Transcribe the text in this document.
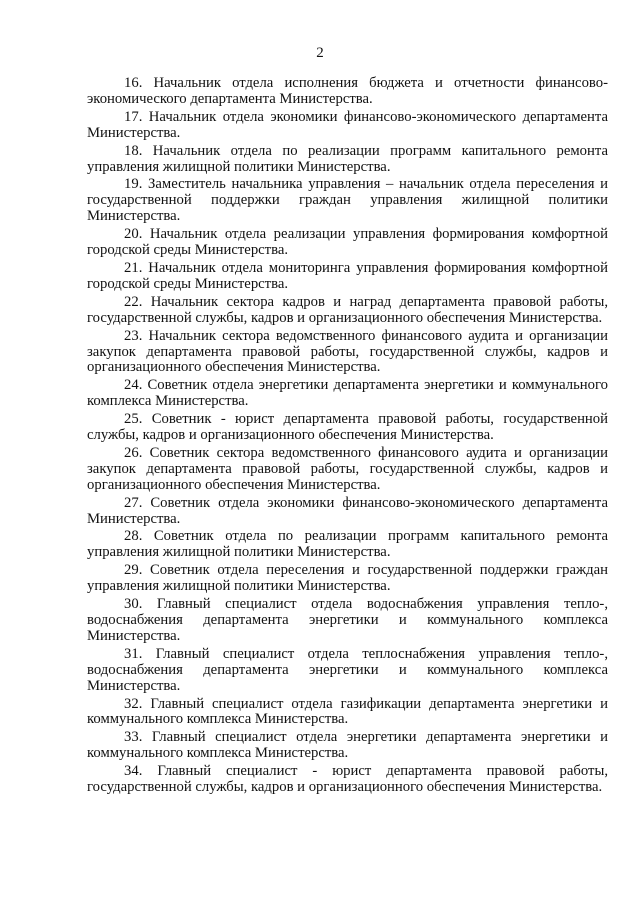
2

16. Начальник отдела исполнения бюджета и отчетности финансово-экономического департамента Министерства.

17. Начальник отдела экономики финансово-экономического департамента Министерства.

18. Начальник отдела по реализации программ капитального ремонта управления жилищной политики Министерства.

19. Заместитель начальника управления – начальник отдела переселения и государственной поддержки граждан управления жилищной политики Министерства.

20. Начальник отдела реализации управления формирования комфортной городской среды Министерства.

21. Начальник отдела мониторинга управления формирования комфортной городской среды Министерства.

22. Начальник сектора кадров и наград департамента правовой работы, государственной службы, кадров и организационного обеспечения Министерства.

23. Начальник сектора ведомственного финансового аудита и организации закупок департамента правовой работы, государственной службы, кадров и организационного обеспечения Министерства.

24. Советник отдела энергетики департамента энергетики и коммунального комплекса Министерства.

25. Советник - юрист департамента правовой работы, государственной службы, кадров и организационного обеспечения Министерства.

26. Советник сектора ведомственного финансового аудита и организации закупок департамента правовой работы, государственной службы, кадров и организационного обеспечения Министерства.

27. Советник отдела экономики финансово-экономического департамента Министерства.

28. Советник отдела по реализации программ капитального ремонта управления жилищной политики Министерства.

29. Советник отдела переселения и государственной поддержки граждан управления жилищной политики Министерства.

30. Главный специалист отдела водоснабжения управления тепло-, водоснабжения департамента энергетики и коммунального комплекса Министерства.

31. Главный специалист отдела теплоснабжения управления тепло-, водоснабжения департамента энергетики и коммунального комплекса Министерства.

32. Главный специалист отдела газификации департамента энергетики и коммунального комплекса Министерства.

33. Главный специалист отдела энергетики департамента энергетики и коммунального комплекса Министерства.

34. Главный специалист - юрист департамента правовой работы, государственной службы, кадров и организационного обеспечения Министерства.
